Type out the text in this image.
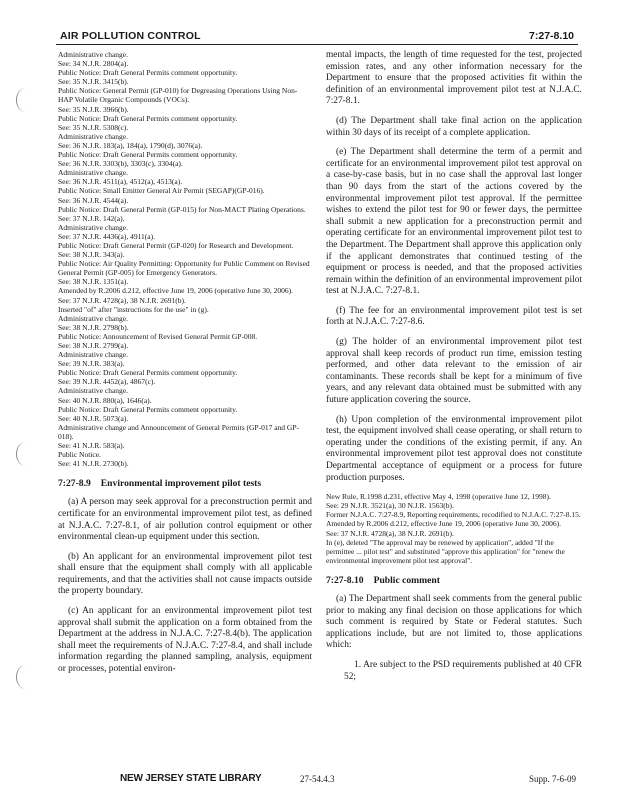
AIR POLLUTION CONTROL	7:27-8.10
Administrative change.
See: 34 N.J.R. 2804(a).
Public Notice: Draft General Permits comment opportunity.
See: 35 N.J.R. 3415(b).
Public Notice: General Permit (GP-010) for Degreasing Operations Using Non-HAP Volatile Organic Compounds (VOCs).
See: 35 N.J.R. 3966(b).
Public Notice: Draft General Permits comment opportunity.
See: 35 N.J.R. 5308(c).
Administrative change.
See: 36 N.J.R. 183(a), 184(a), 1790(d), 3076(a).
Public Notice: Draft General Permits comment opportunity.
See: 36 N.J.R. 3303(b), 3303(c), 3304(a).
Administrative change.
See: 36 N.J.R. 4511(a), 4512(a), 4513(a).
Public Notice: Small Emitter General Air Permit (SEGAP)(GP-016).
See: 36 N.J.R. 4544(a).
Public Notice: Draft General Permit (GP-015) for Non-MACT Plating Operations.
See: 37 N.J.R. 142(a).
Administrative change.
See: 37 N.J.R. 4436(a), 4911(a).
Public Notice: Draft General Permit (GP-020) for Research and Development.
See: 38 N.J.R. 343(a).
Public Notice: Air Quality Permitting: Opportunity for Public Comment on Revised General Permit (GP-005) for Emergency Generators.
See: 38 N.J.R. 1351(a).
Amended by R.2006 d.212, effective June 19, 2006 (operative June 30, 2006).
See: 37 N.J.R. 4728(a), 38 N.J.R. 2691(b).
Inserted "of" after "instructions for the use" in (g).
Administrative change.
See: 38 N.J.R. 2798(b).
Public Notice: Announcement of Revised General Permit GP-008.
See: 38 N.J.R. 2799(a).
Administrative change.
See: 39 N.J.R. 383(a).
Public Notice: Draft General Permits comment opportunity.
See: 39 N.J.R. 4452(a), 4867(c).
Administrative change.
See: 40 N.J.R. 880(a), 1646(a).
Public Notice: Draft General Permits comment opportunity.
See: 40 N.J.R. 5073(a).
Administrative change and Announcement of General Permits (GP-017 and GP-018).
See: 41 N.J.R. 583(a).
Public Notice.
See: 41 N.J.R. 2730(b).
7:27-8.9 Environmental improvement pilot tests

(a) A person may seek approval for a preconstruction permit and certificate for an environmental improvement pilot test, as defined at N.J.A.C. 7:27-8.1, of air pollution control equipment or other environmental clean-up equipment under this section.

(b) An applicant for an environmental improvement pilot test shall ensure that the equipment shall comply with all applicable requirements, and that the activities shall not cause impacts outside the property boundary.

(c) An applicant for an environmental improvement pilot test approval shall submit the application on a form obtained from the Department at the address in N.J.A.C. 7:27-8.4(b). The application shall meet the requirements of N.J.A.C. 7:27-8.4, and shall include information regarding the planned sampling, analysis, equipment or processes, potential environ-

mental impacts, the length of time requested for the test, projected emission rates, and any other information necessary for the Department to ensure that the proposed activities fit within the definition of an environmental improvement pilot test at N.J.A.C. 7:27-8.1.

(d) The Department shall take final action on the application within 30 days of its receipt of a complete application.

(e) The Department shall determine the term of a permit and certificate for an environmental improvement pilot test approval on a case-by-case basis, but in no case shall the approval last longer than 90 days from the start of the actions covered by the environmental improvement pilot test approval. If the permittee wishes to extend the pilot test for 90 or fewer days, the permittee shall submit a new application for a preconstruction permit and operating certificate for an environmental improvement pilot test to the Department. The Department shall approve this application only if the applicant demonstrates that continued testing of the equipment or process is needed, and that the proposed activities remain within the definition of an environmental improvement pilot test at N.J.A.C. 7:27-8.1.

(f) The fee for an environmental improvement pilot test is set forth at N.J.A.C. 7:27-8.6.

(g) The holder of an environmental improvement pilot test approval shall keep records of product run time, emission testing performed, and other data relevant to the emission of air contaminants. These records shall be kept for a minimum of five years, and any relevant data obtained must be submitted with any future application covering the source.

(h) Upon completion of the environmental improvement pilot test, the equipment involved shall cease operating, or shall return to operating under the conditions of the existing permit, if any. An environmental improvement pilot test approval does not constitute Departmental acceptance of equipment or a process for future production purposes.

New Rule, R.1998 d.231, effective May 4, 1998 (operative June 12, 1998).
See: 29 N.J.R. 3521(a), 30 N.J.R. 1563(b).
Former N.J.A.C. 7:27-8.9, Reporting requirements, recodified to N.J.A.C. 7:27-8.15.
Amended by R.2006 d.212, effective June 19, 2006 (operative June 30, 2006).
See: 37 N.J.R. 4728(a), 38 N.J.R. 2691(b).
In (e), deleted "The approval may be renewed by application", added "If the permittee ... pilot test" and substituted "approve this application" for "renew the environmental improvement pilot test approval".
7:27-8.10 Public comment

(a) The Department shall seek comments from the general public prior to making any final decision on those applications for which such comment is required by State or Federal statutes. Such applications include, but are not limited to, those applications which:

1. Are subject to the PSD requirements published at 40 CFR 52;

NEW JERSEY STATE LIBRARY	27-54.4.3	Supp. 7-6-09
